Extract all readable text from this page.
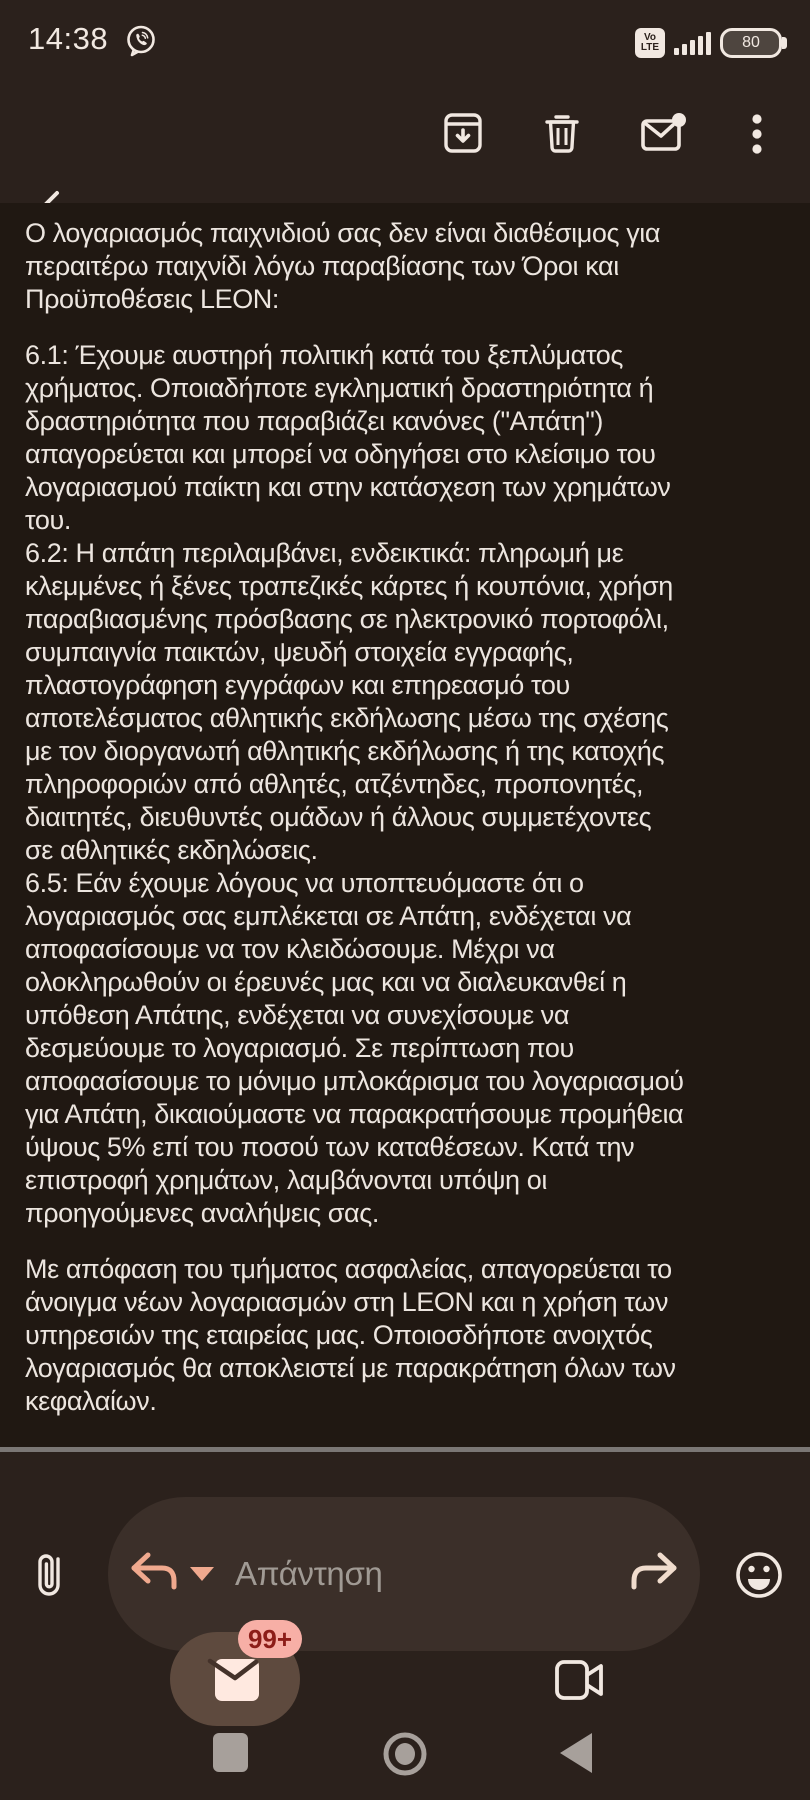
14:38	Vo
LTE	80
Ο λογαριασμός παιχνιδιού σας δεν είναι διαθέσιμος για
περαιτέρω παιχνίδι λόγω παραβίασης των Όροι και
Προϋποθέσεις LEON:
6.1: Έχουμε αυστηρή πολιτική κατά του ξεπλύματος
χρήματος. Οποιαδήποτε εγκληματική δραστηριότητα ή
δραστηριότητα που παραβιάζει κανόνες ("Απάτη")
απαγορεύεται και μπορεί να οδηγήσει στο κλείσιμο του
λογαριασμού παίκτη και στην κατάσχεση των χρημάτων
του.
6.2: Η απάτη περιλαμβάνει, ενδεικτικά: πληρωμή με
κλεμμένες ή ξένες τραπεζικές κάρτες ή κουπόνια, χρήση
παραβιασμένης πρόσβασης σε ηλεκτρονικό πορτοφόλι,
συμπαιγνία παικτών, ψευδή στοιχεία εγγραφής,
πλαστογράφηση εγγράφων και επηρεασμό του
αποτελέσματος αθλητικής εκδήλωσης μέσω της σχέσης
με τον διοργανωτή αθλητικής εκδήλωσης ή της κατοχής
πληροφοριών από αθλητές, ατζέντηδες, προπονητές,
διαιτητές, διευθυντές ομάδων ή άλλους συμμετέχοντες
σε αθλητικές εκδηλώσεις.
6.5: Εάν έχουμε λόγους να υποπτευόμαστε ότι ο
λογαριασμός σας εμπλέκεται σε Απάτη, ενδέχεται να
αποφασίσουμε να τον κλειδώσουμε. Μέχρι να
ολοκληρωθούν οι έρευνές μας και να διαλευκανθεί η
υπόθεση Απάτης, ενδέχεται να συνεχίσουμε να
δεσμεύουμε το λογαριασμό. Σε περίπτωση που
αποφασίσουμε το μόνιμο μπλοκάρισμα του λογαριασμού
για Απάτη, δικαιούμαστε να παρακρατήσουμε προμήθεια
ύψους 5% επί του ποσού των καταθέσεων. Κατά την
επιστροφή χρημάτων, λαμβάνονται υπόψη οι
προηγούμενες αναλήψεις σας.
Με απόφαση του τμήματος ασφαλείας, απαγορεύεται το
άνοιγμα νέων λογαριασμών στη LEON και η χρήση των
υπηρεσιών της εταιρείας μας. Οποιοσδήποτε ανοιχτός
λογαριασμός θα αποκλειστεί με παρακράτηση όλων των
κεφαλαίων.
Απάντηση
99+
